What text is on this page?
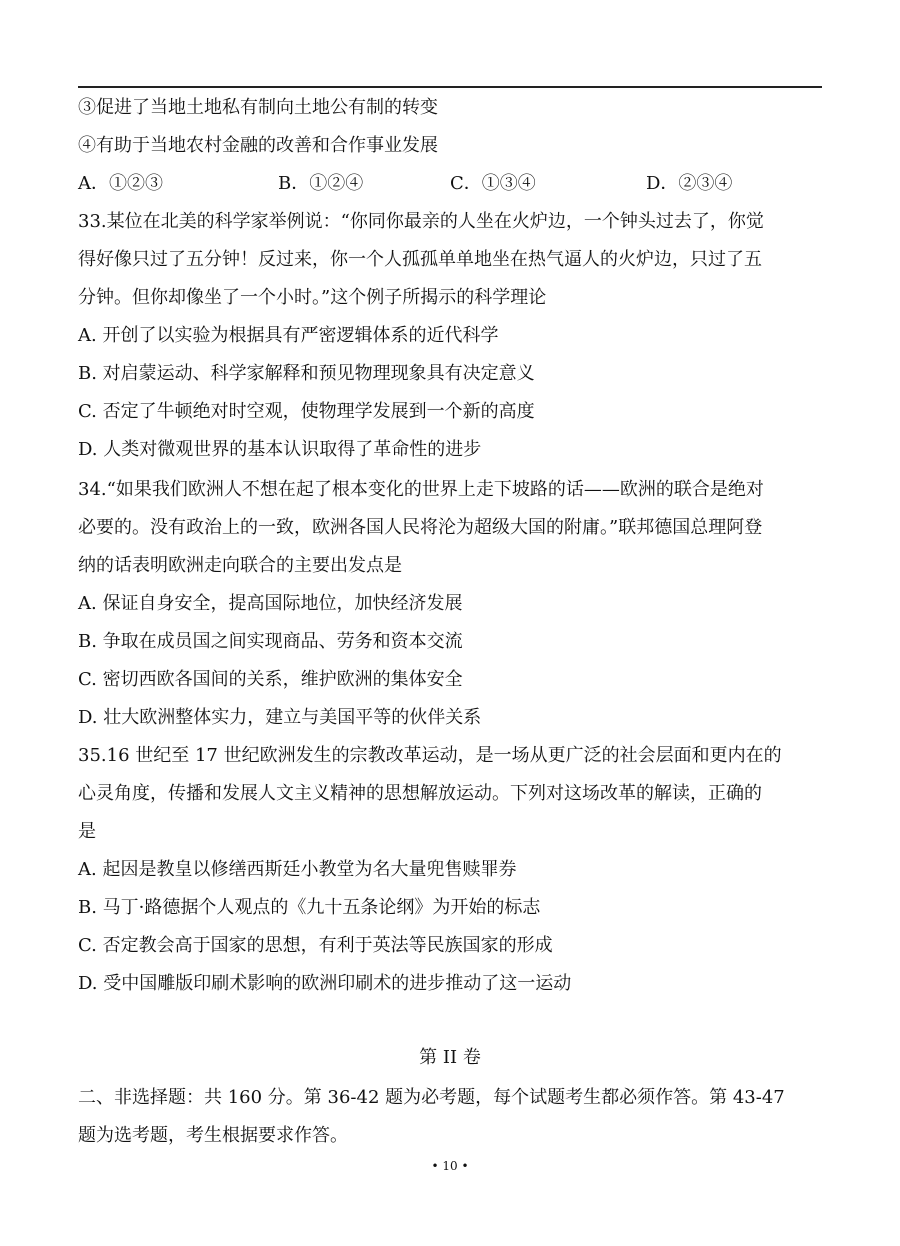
③促进了当地土地私有制向土地公有制的转变
④有助于当地农村金融的改善和合作事业发展
A．①②③	B．①②④	C．①③④	D．②③④
33.某位在北美的科学家举例说：“你同你最亲的人坐在火炉边，一个钟头过去了，你觉
得好像只过了五分钟！反过来，你一个人孤孤单单地坐在热气逼人的火炉边，只过了五
分钟。但你却像坐了一个小时。”这个例子所揭示的科学理论
A. 开创了以实验为根据具有严密逻辑体系的近代科学
B. 对启蒙运动、科学家解释和预见物理现象具有决定意义
C. 否定了牛顿绝对时空观，使物理学发展到一个新的高度
D. 人类对微观世界的基本认识取得了革命性的进步
34.“如果我们欧洲人不想在起了根本变化的世界上走下坡路的话——欧洲的联合是绝对
必要的。没有政治上的一致，欧洲各国人民将沦为超级大国的附庸。”联邦德国总理阿登
纳的话表明欧洲走向联合的主要出发点是
A. 保证自身安全，提高国际地位，加快经济发展
B. 争取在成员国之间实现商品、劳务和资本交流
C. 密切西欧各国间的关系，维护欧洲的集体安全
D. 壮大欧洲整体实力，建立与美国平等的伙伴关系
35.16 世纪至 17 世纪欧洲发生的宗教改革运动，是一场从更广泛的社会层面和更内在的
心灵角度，传播和发展人文主义精神的思想解放运动。下列对这场改革的解读，正确的
是
A. 起因是教皇以修缮西斯廷小教堂为名大量兜售赎罪券
B. 马丁·路德据个人观点的《九十五条论纲》为开始的标志
C. 否定教会高于国家的思想，有利于英法等民族国家的形成
D. 受中国雕版印刷术影响的欧洲印刷术的进步推动了这一运动
第 II 卷
二、非选择题：共 160 分。第 36-42 题为必考题，每个试题考生都必须作答。第 43-47
题为选考题，考生根据要求作答。
• 10 •
